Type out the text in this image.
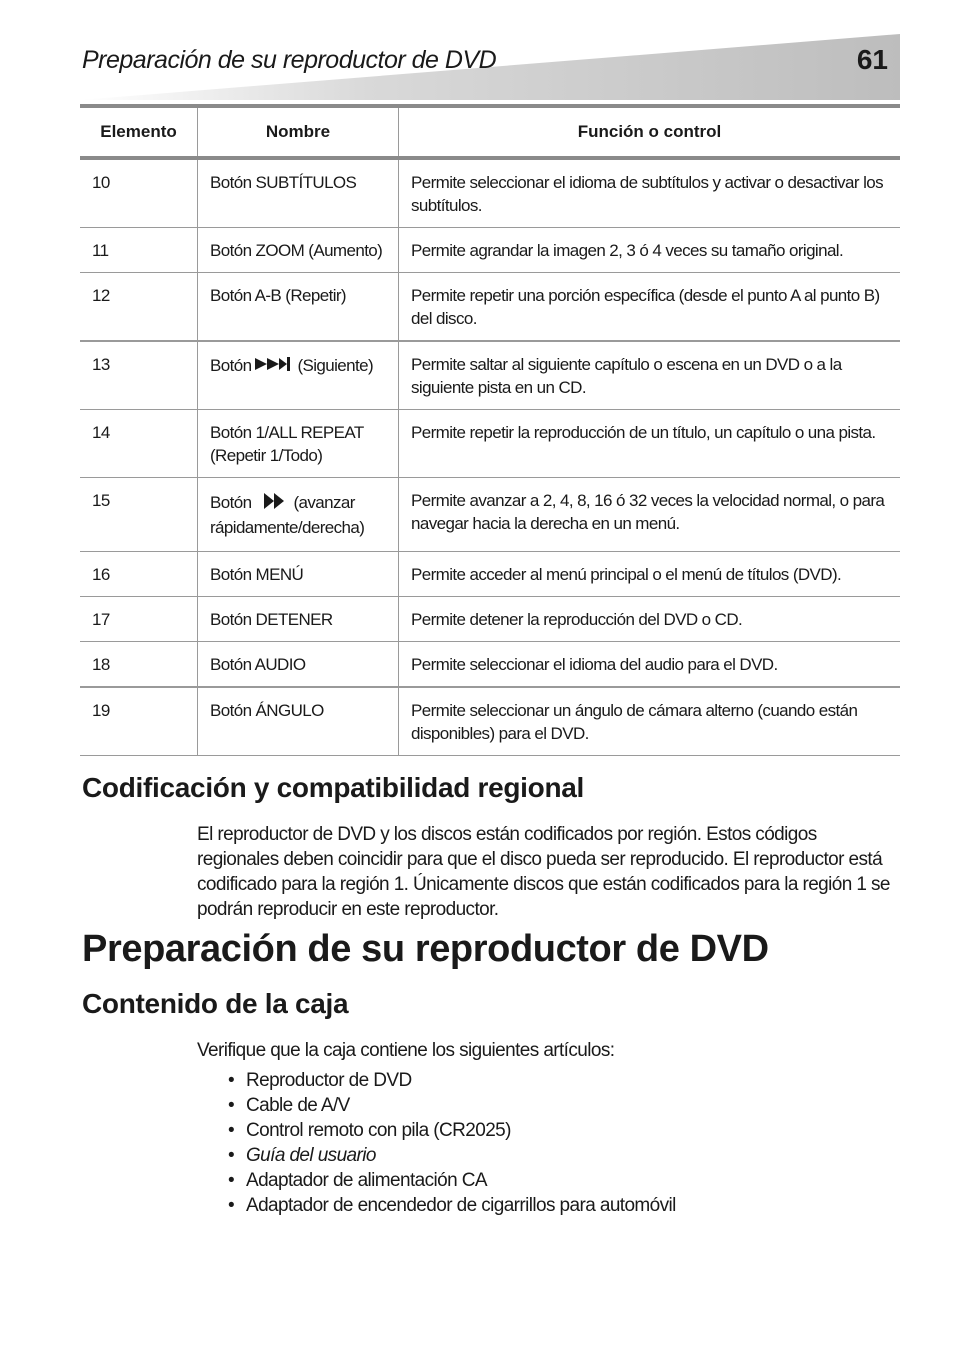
Preparación de su reproductor de DVD	61
Elemento	Nombre	Función o control
10	Botón SUBTÍTULOS	Permite seleccionar el idioma de subtítulos y activar o desactivar los subtítulos.
11	Botón ZOOM (Aumento)	Permite agrandar la imagen 2, 3 ó 4 veces su tamaño original.
12	Botón A-B (Repetir)	Permite repetir una porción específica (desde el punto A al punto B) del disco.
13	Botón (Siguiente)	Permite saltar al siguiente capítulo o escena en un DVD o a la siguiente pista en un CD.
14	Botón 1/ALL REPEAT (Repetir 1/Todo)	Permite repetir la reproducción de un título, un capítulo o una pista.
15	Botón (avanzar rápidamente/derecha)	Permite avanzar a 2, 4, 8, 16 ó 32 veces la velocidad normal, o para navegar hacia la derecha en un menú.
16	Botón MENÚ	Permite acceder al menú principal o el menú de títulos (DVD).
17	Botón DETENER	Permite detener la reproducción del DVD o CD.
18	Botón AUDIO	Permite seleccionar el idioma del audio para el DVD.
19	Botón ÁNGULO	Permite seleccionar un ángulo de cámara alterno (cuando están disponibles) para el DVD.
Codificación y compatibilidad regional

El reproductor de DVD y los discos están codificados por región. Estos códigos regionales deben coincidir para que el disco pueda ser reproducido. El reproductor está codificado para la región 1. Únicamente discos que están codificados para la región 1 se podrán reproducir en este reproductor.

Preparación de su reproductor de DVD
Contenido de la caja

Verifique que la caja contiene los siguientes artículos:

• Reproductor de DVD
• Cable de A/V
• Control remoto con pila (CR2025)
• Guía del usuario
• Adaptador de alimentación CA
• Adaptador de encendedor de cigarrillos para automóvil
